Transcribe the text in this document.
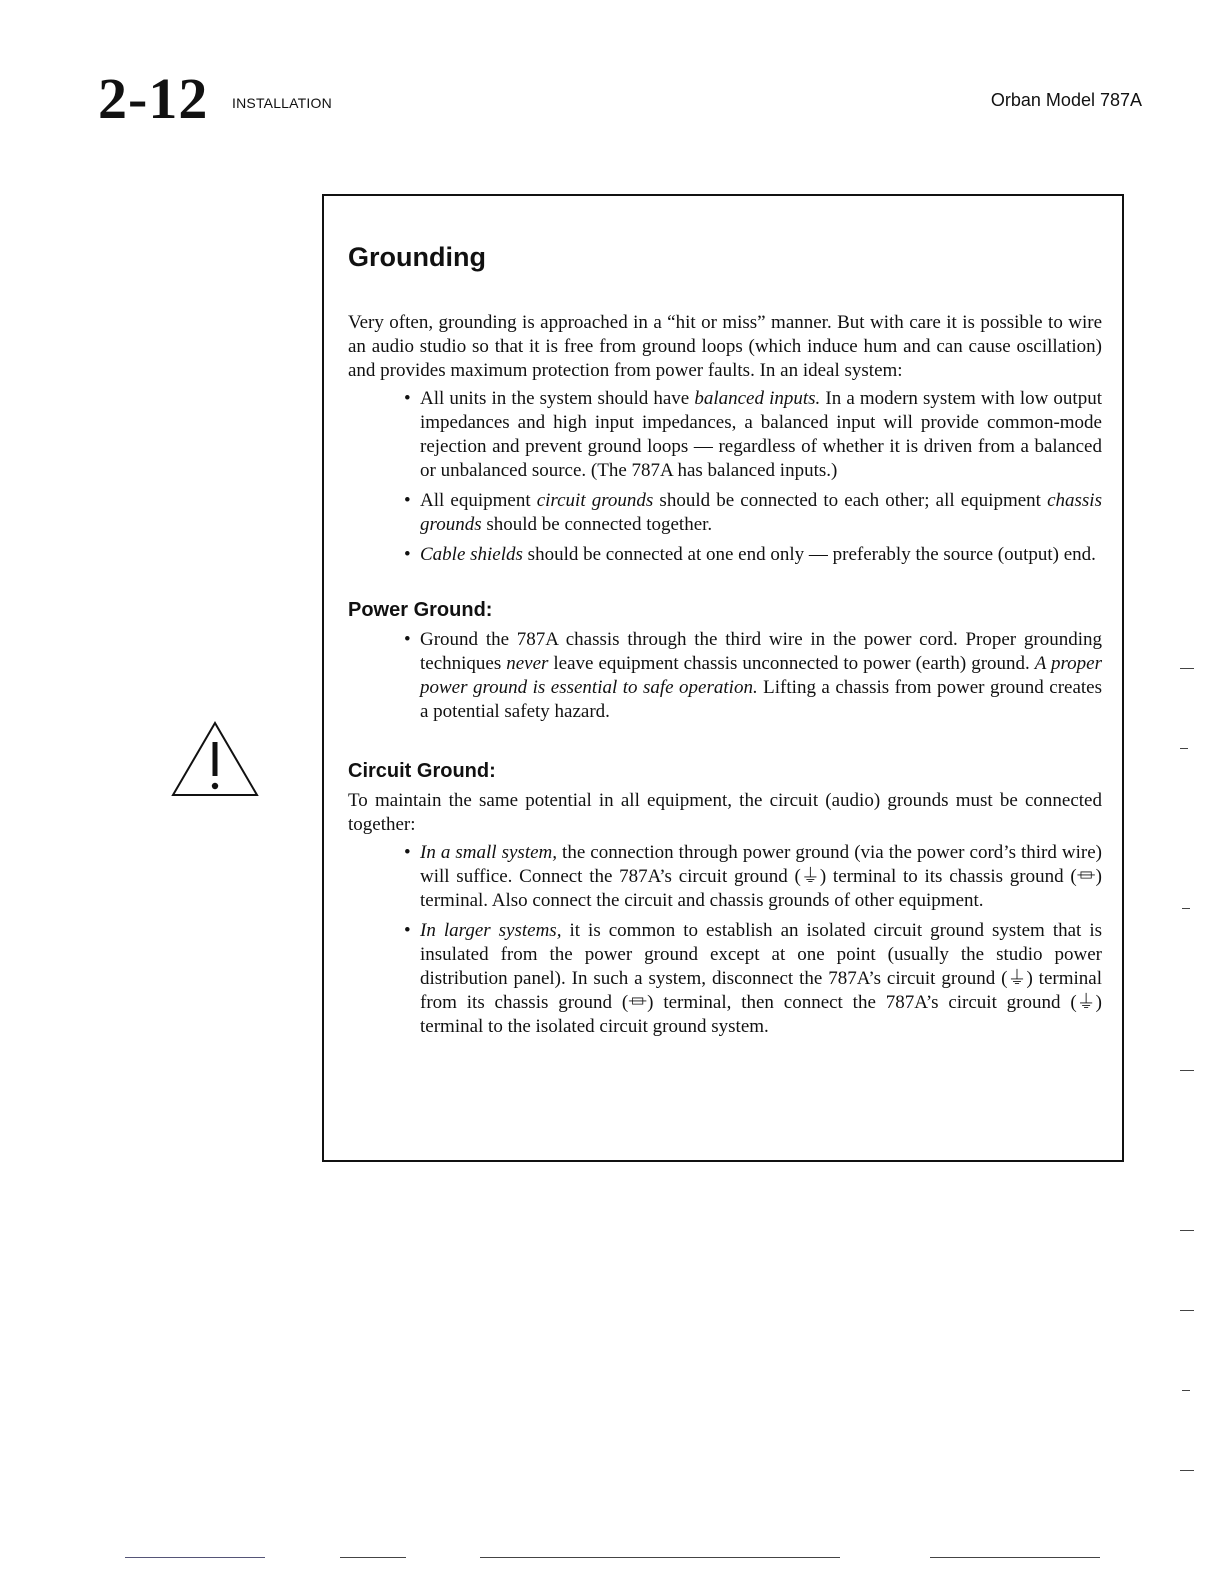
2-12 INSTALLATION	Orban Model 787A
Grounding

Very often, grounding is approached in a “hit or miss” manner. But with care it is possible to wire an audio studio so that it is free from ground loops (which induce hum and can cause oscillation) and provides maximum protection from power faults. In an ideal system:

• All units in the system should have balanced inputs. In a modern system with low output impedances and high input impedances, a balanced input will provide common-mode rejection and prevent ground loops — regardless of whether it is driven from a balanced or unbalanced source. (The 787A has balanced inputs.)
• All equipment circuit grounds should be connected to each other; all equipment chassis grounds should be connected together.
• Cable shields should be connected at one end only — preferably the source (output) end.
Power Ground:
• Ground the 787A chassis through the third wire in the power cord. Proper grounding techniques never leave equipment chassis unconnected to power (earth) ground. A proper power ground is essential to safe operation. Lifting a chassis from power ground creates a potential safety hazard.
Circuit Ground:

To maintain the same potential in all equipment, the circuit (audio) grounds must be connected together:

• In a small system, the connection through power ground (via the power cord’s third wire) will suffice. Connect the 787A’s circuit ground (⏚) terminal to its chassis ground (⏛) terminal. Also connect the circuit and chassis grounds of other equipment.
• In larger systems, it is common to establish an isolated circuit ground system that is insulated from the power ground except at one point (usually the studio power distribution panel). In such a system, disconnect the 787A’s circuit ground (⏚) terminal from its chassis ground (⏛) terminal, then connect the 787A’s circuit ground (⏚) terminal to the isolated circuit ground system.
